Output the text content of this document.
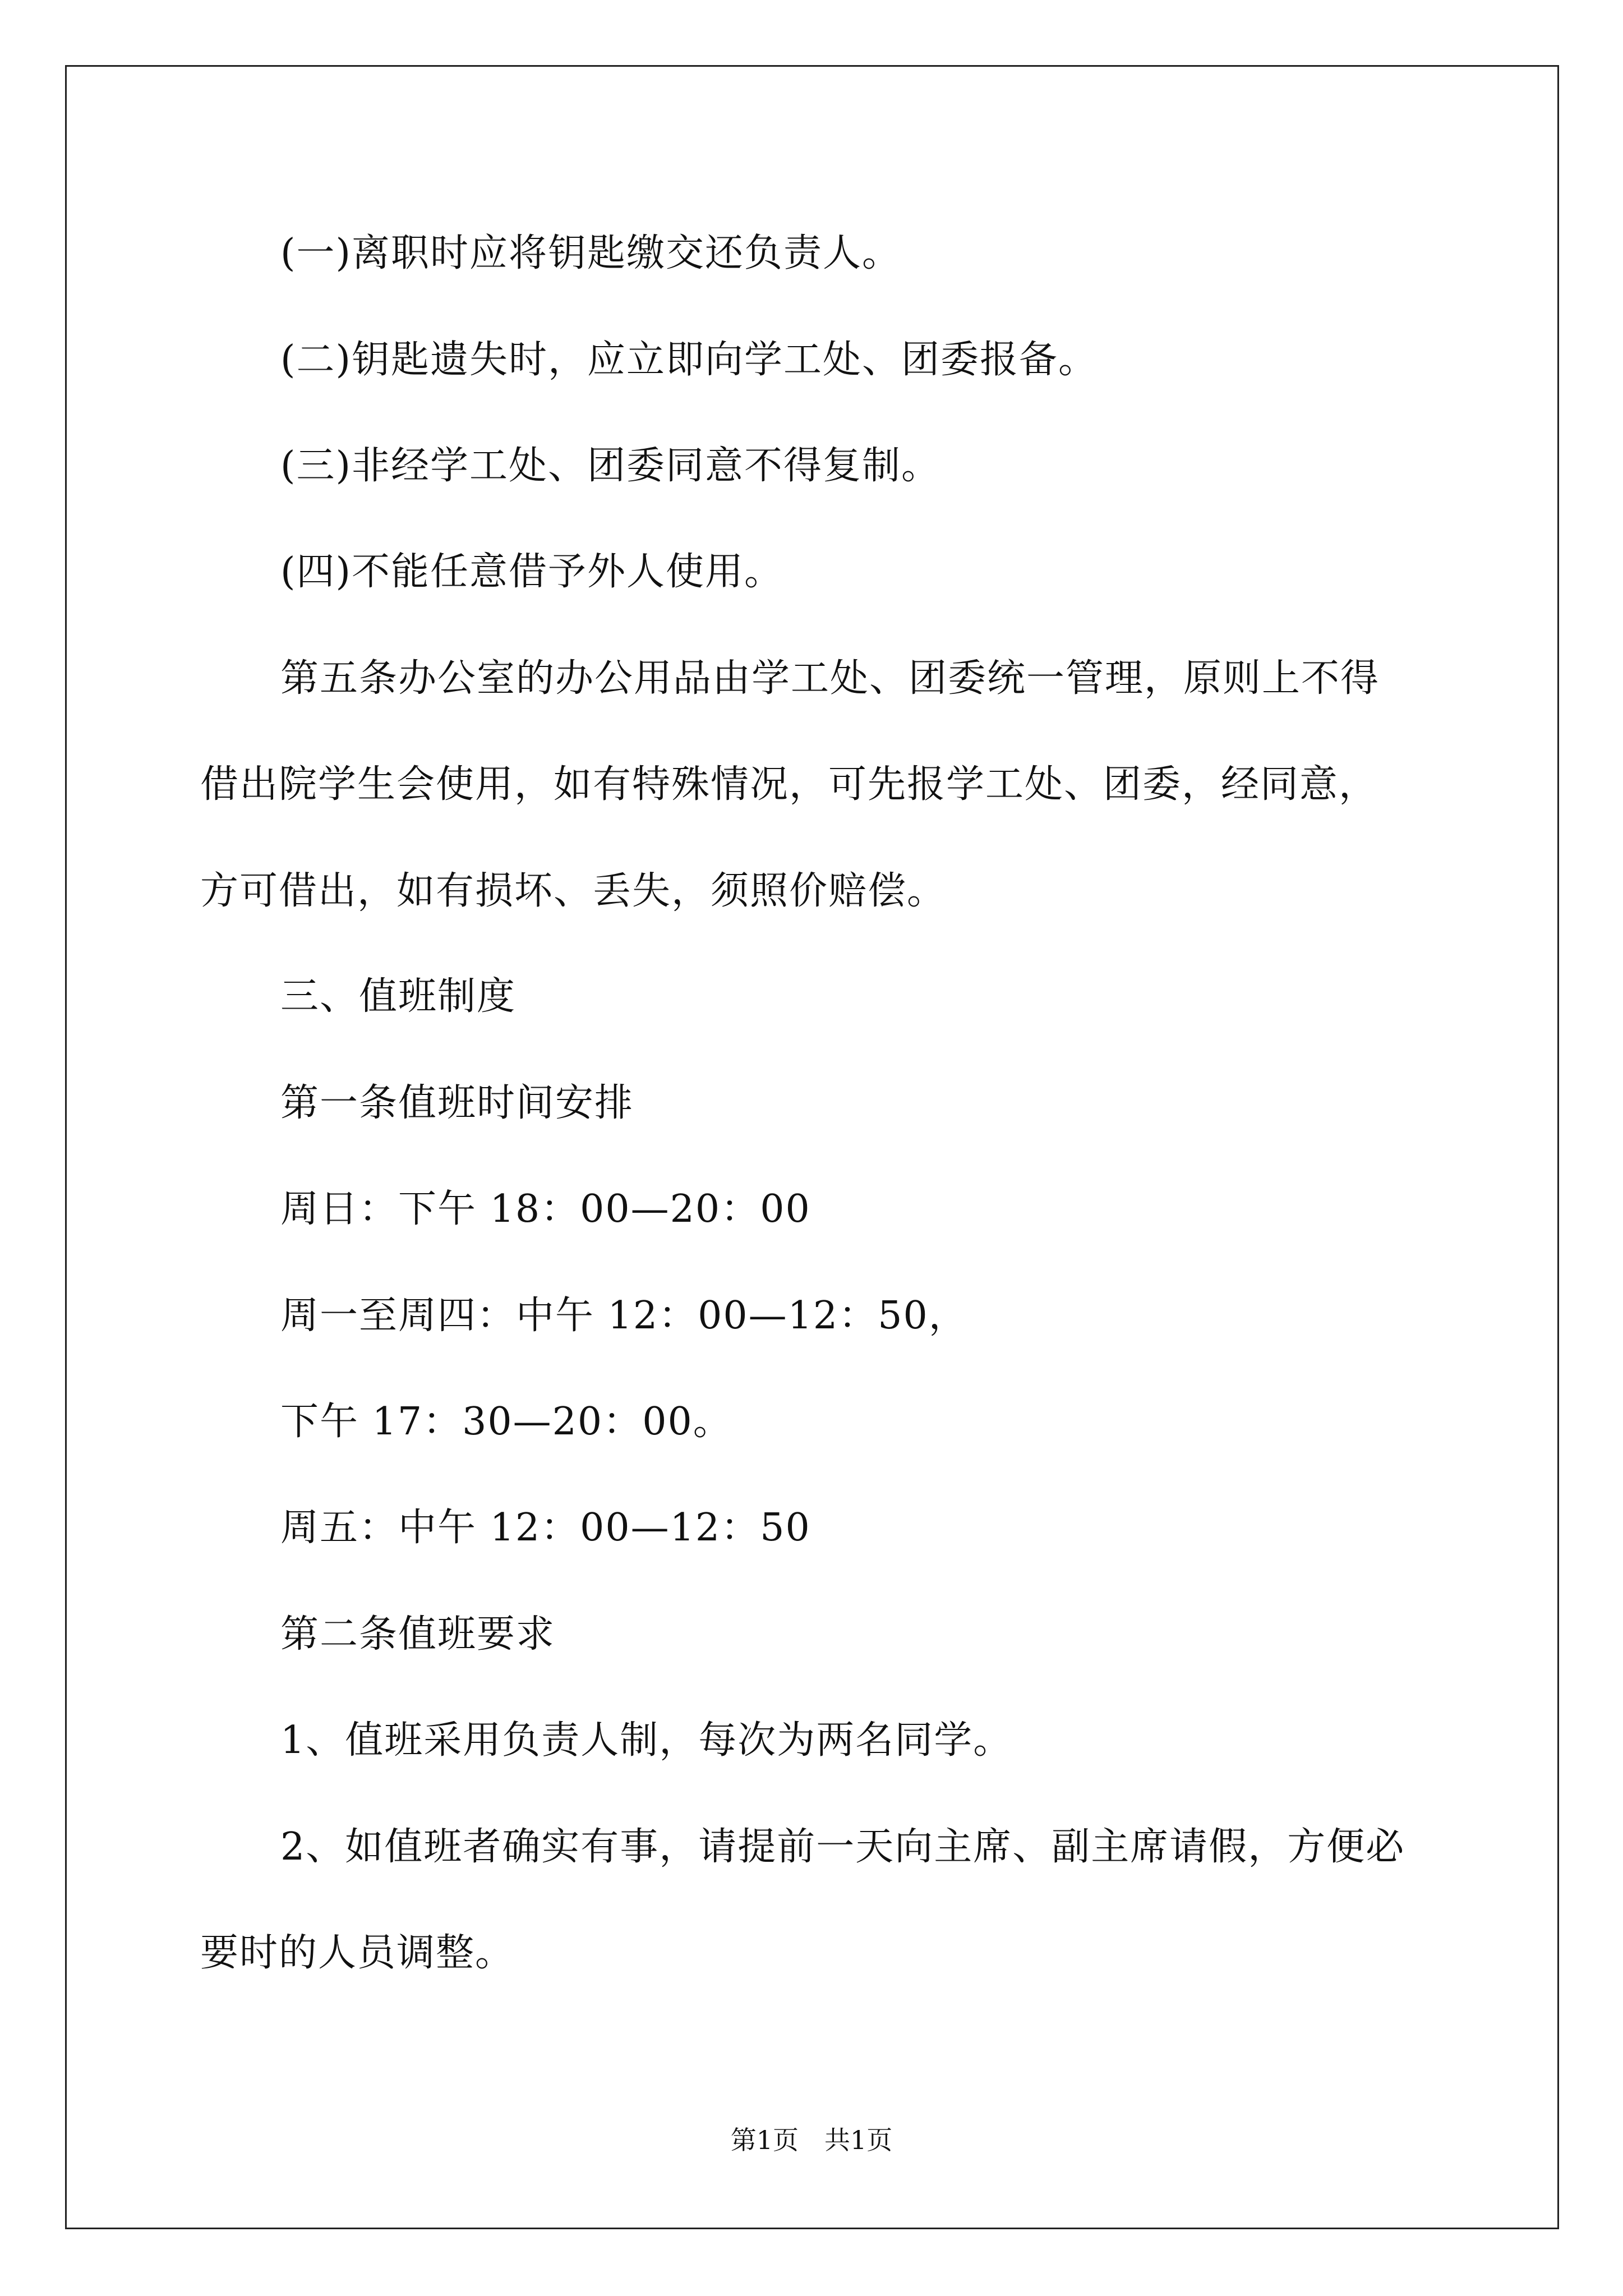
(一)离职时应将钥匙缴交还负责人。
(二)钥匙遗失时，应立即向学工处、团委报备。
(三)非经学工处、团委同意不得复制。
(四)不能任意借予外人使用。
第五条办公室的办公用品由学工处、团委统一管理，原则上不得
借出院学生会使用，如有特殊情况，可先报学工处、团委，经同意，
方可借出，如有损坏、丢失，须照价赔偿。
三、值班制度
第一条值班时间安排
周日：下午 18：00—20：00
周一至周四：中午 12：00—12：50，
下午 17：30—20：00。
周五：中午 12：00—12：50
第二条值班要求
1、值班采用负责人制，每次为两名同学。
2、如值班者确实有事，请提前一天向主席、副主席请假，方便必
要时的人员调整。
第1页　共1页
